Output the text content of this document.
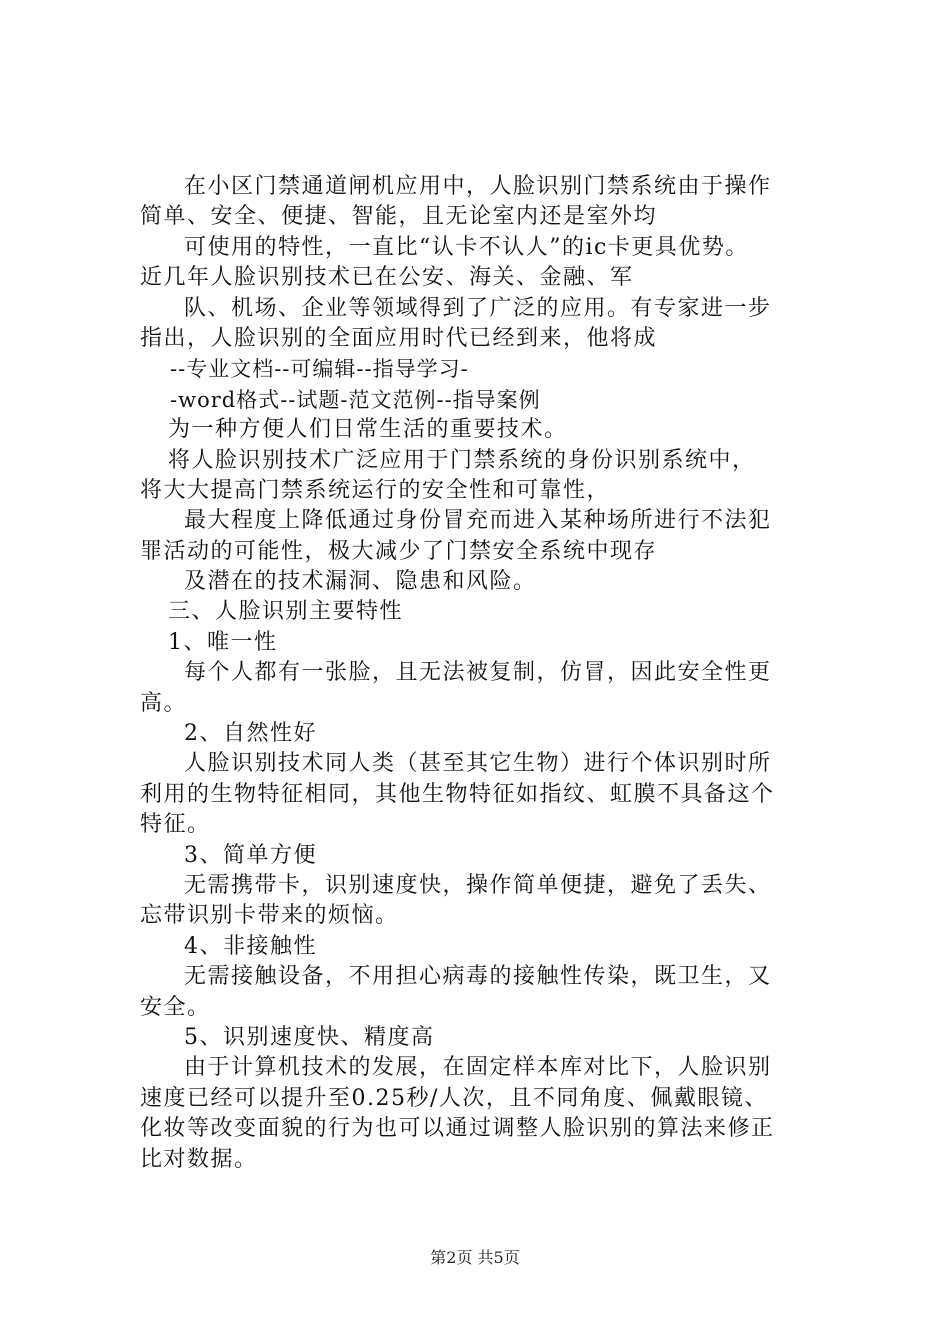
在小区门禁通道闸机应用中，人脸识别门禁系统由于操作
简单、安全、便捷、智能，且无论室内还是室外均
可使用的特性，一直比“认卡不认人”的ic卡更具优势。
近几年人脸识别技术已在公安、海关、金融、军
队、机场、企业等领域得到了广泛的应用。有专家进一步
指出，人脸识别的全面应用时代已经到来，他将成
--专业文档--可编辑--指导学习-
-word格式--试题-范文范例--指导案例
为一种方便人们日常生活的重要技术。
将人脸识别技术广泛应用于门禁系统的身份识别系统中，
将大大提高门禁系统运行的安全性和可靠性，
最大程度上降低通过身份冒充而进入某种场所进行不法犯
罪活动的可能性，极大减少了门禁安全系统中现存
及潜在的技术漏洞、隐患和风险。
三、人脸识别主要特性
1、唯一性
每个人都有一张脸，且无法被复制，仿冒，因此安全性更
高。
2、自然性好
人脸识别技术同人类（甚至其它生物）进行个体识别时所
利用的生物特征相同，其他生物特征如指纹、虹膜不具备这个
特征。
3、简单方便
无需携带卡，识别速度快，操作简单便捷，避免了丢失、
忘带识别卡带来的烦恼。
4、非接触性
无需接触设备，不用担心病毒的接触性传染，既卫生，又
安全。
5、识别速度快、精度高
由于计算机技术的发展，在固定样本库对比下，人脸识别
速度已经可以提升至0.25秒/人次，且不同角度、佩戴眼镜、
化妆等改变面貌的行为也可以通过调整人脸识别的算法来修正
比对数据。
第2页 共5页
